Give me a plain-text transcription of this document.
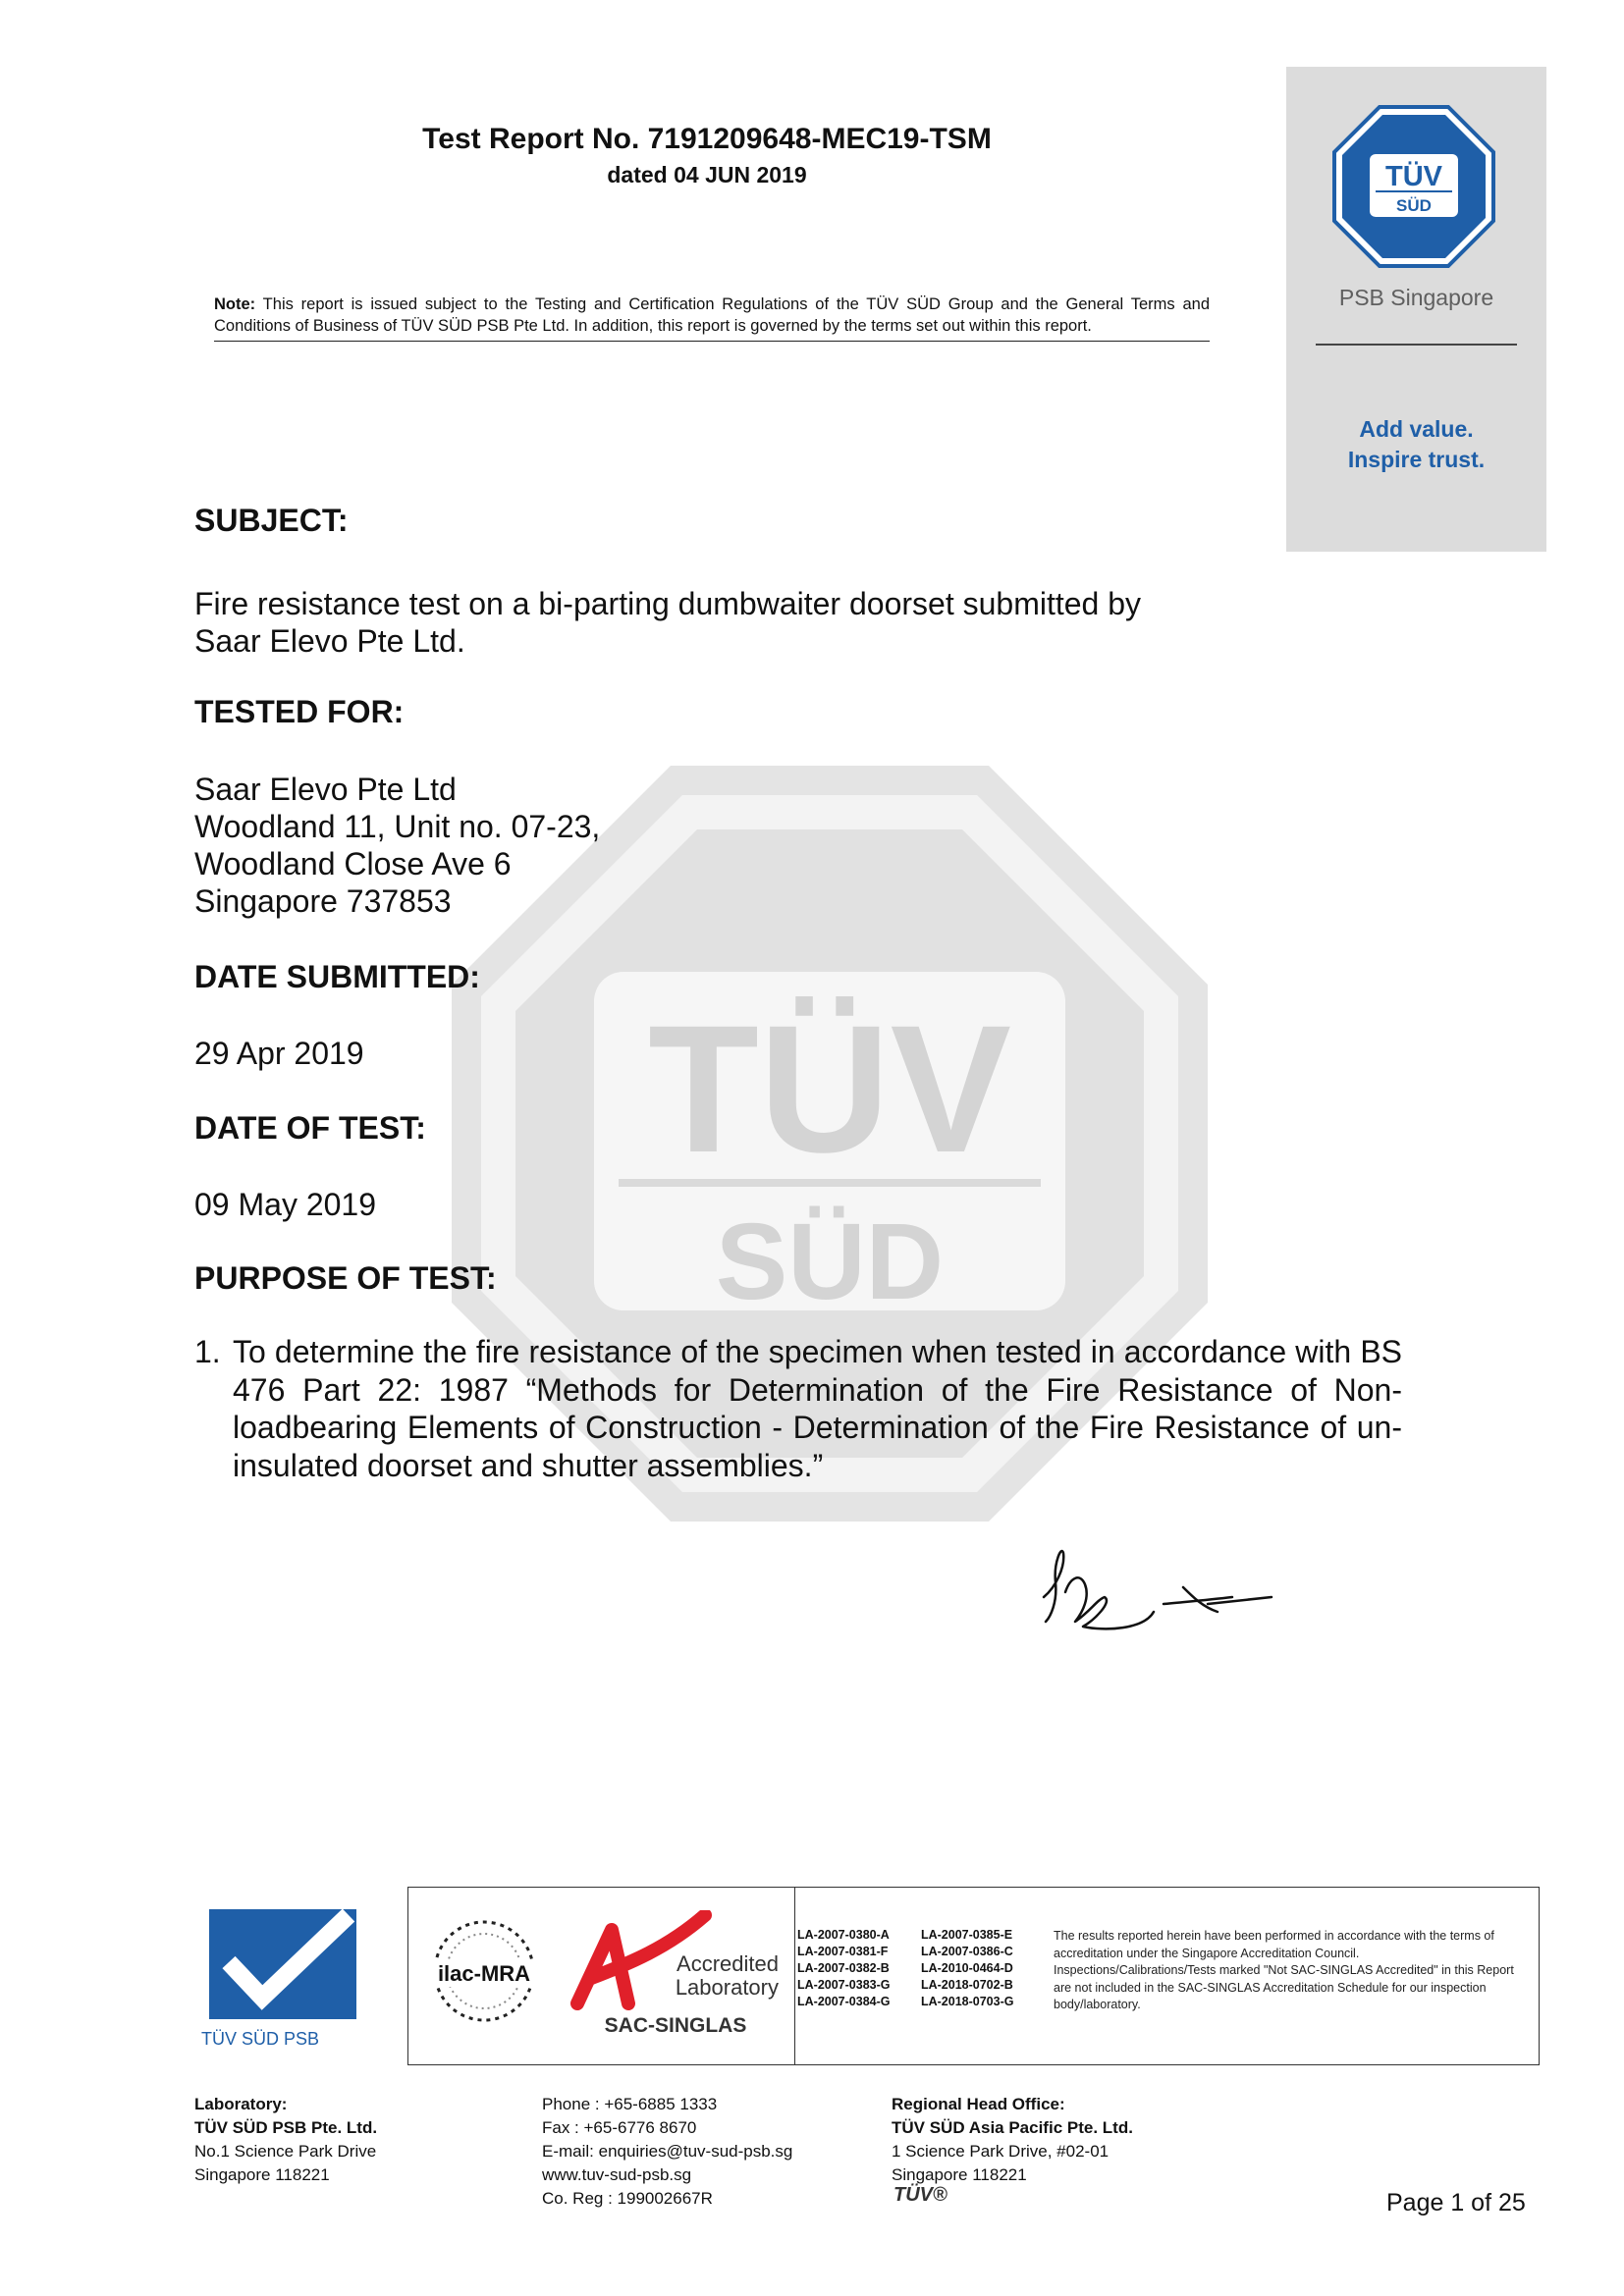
Test Report No. 7191209648-MEC19-TSM
dated 04 JUN 2019
Note: This report is issued subject to the Testing and Certification Regulations of the TÜV SÜD Group and the General Terms and Conditions of Business of TÜV SÜD PSB Pte Ltd. In addition, this report is governed by the terms set out within this report.
TÜV
SÜD
PSB Singapore
Add value.
Inspire trust.
TÜV
SÜD
SUBJECT:
Fire resistance test on a bi-parting dumbwaiter doorset submitted by
Saar Elevo Pte Ltd.
TESTED FOR:
Saar Elevo Pte Ltd
Woodland 11, Unit no. 07-23,
Woodland Close Ave 6
Singapore 737853
DATE SUBMITTED:
29 Apr 2019
DATE OF TEST:
09 May 2019
PURPOSE OF TEST:
1. To determine the fire resistance of the specimen when tested in accordance with BS 476 Part 22: 1987 “Methods for Determination of the Fire Resistance of Non-loadbearing Elements of Construction - Determination of the Fire Resistance of un-insulated doorset and shutter assemblies.”
TÜV SÜD PSB
ilac-MRA	Accredited
Laboratory
SAC-SINGLAS
LA-2007-0380-A
LA-2007-0381-F
LA-2007-0382-B
LA-2007-0383-G
LA-2007-0384-G

LA-2007-0385-E
LA-2007-0386-C
LA-2010-0464-D
LA-2018-0702-B
LA-2018-0703-G
The results reported herein have been performed in accordance with the terms of accreditation under the Singapore Accreditation Council. Inspections/Calibrations/Tests marked "Not SAC-SINGLAS Accredited" in this Report are not included in the SAC-SINGLAS Accreditation Schedule for our inspection body/laboratory.
Laboratory:
TÜV SÜD PSB Pte. Ltd.
No.1 Science Park Drive
Singapore 118221
Phone : +65-6885 1333
Fax : +65-6776 8670
E-mail: enquiries@tuv-sud-psb.sg
www.tuv-sud-psb.sg
Co. Reg : 199002667R
Regional Head Office:
TÜV SÜD Asia Pacific Pte. Ltd.
1 Science Park Drive, #02-01
Singapore 118221
TÜV®	Page 1 of 25
